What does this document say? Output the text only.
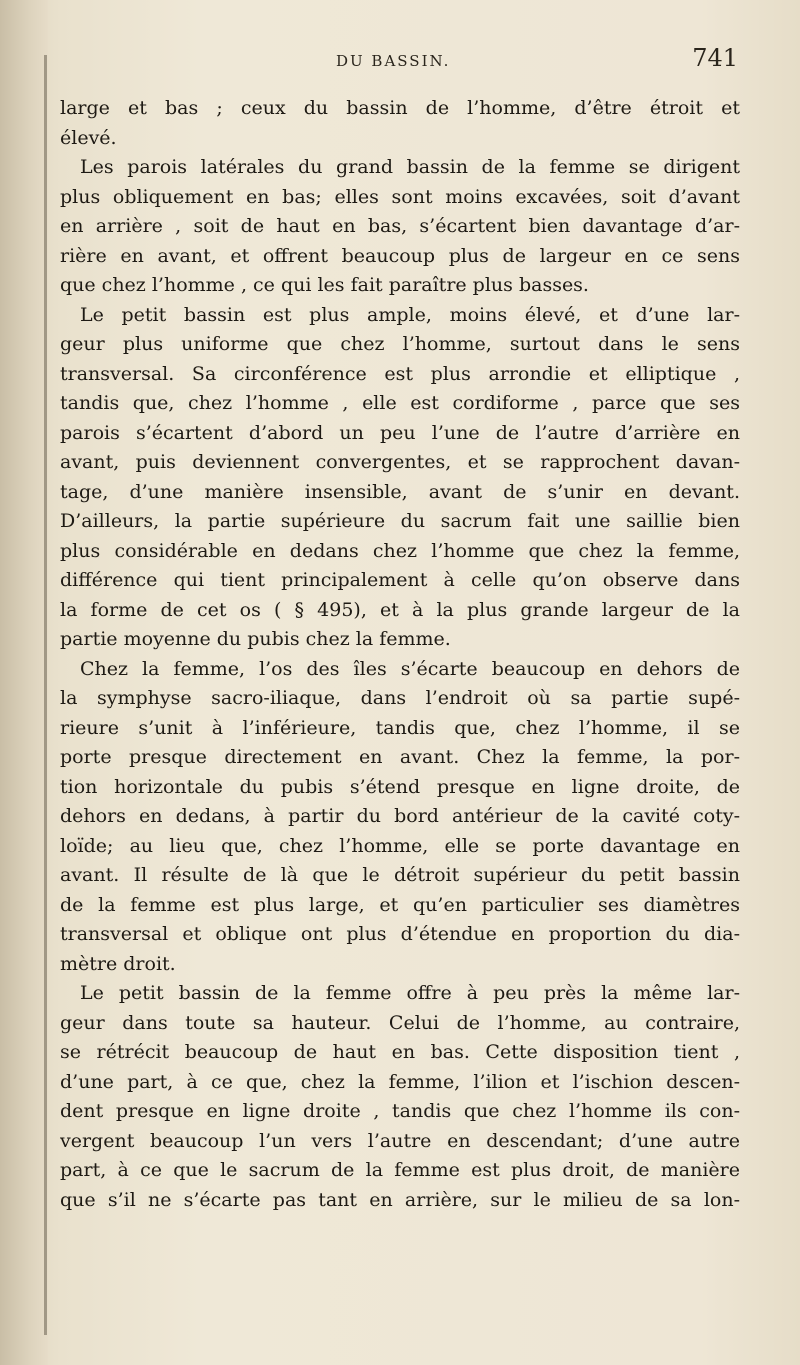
DU BASSIN.	741
large et bas ; ceux du bassin de l’homme, d’être étroit et
élevé.
Les parois latérales du grand bassin de la femme se dirigent
plus obliquement en bas; elles sont moins excavées, soit d’avant
en arrière , soit de haut en bas, s’écartent bien davantage d’ar-
rière en avant, et offrent beaucoup plus de largeur en ce sens
que chez l’homme , ce qui les fait paraître plus basses.
Le petit bassin est plus ample, moins élevé, et d’une lar-
geur plus uniforme que chez l’homme, surtout dans le sens
transversal. Sa circonférence est plus arrondie et elliptique ,
tandis que, chez l’homme , elle est cordiforme , parce que ses
parois s’écartent d’abord un peu l’une de l’autre d’arrière en
avant, puis deviennent convergentes, et se rapprochent davan-
tage, d’une manière insensible, avant de s’unir en devant.
D’ailleurs, la partie supérieure du sacrum fait une saillie bien
plus considérable en dedans chez l’homme que chez la femme,
différence qui tient principalement à celle qu’on observe dans
la forme de cet os ( § 495), et à la plus grande largeur de la
partie moyenne du pubis chez la femme.
Chez la femme, l’os des îles s’écarte beaucoup en dehors de
la symphyse sacro-iliaque, dans l’endroit où sa partie supé-
rieure s’unit à l’inférieure, tandis que, chez l’homme, il se
porte presque directement en avant. Chez la femme, la por-
tion horizontale du pubis s’étend presque en ligne droite, de
dehors en dedans, à partir du bord antérieur de la cavité coty-
loïde; au lieu que, chez l’homme, elle se porte davantage en
avant. Il résulte de là que le détroit supérieur du petit bassin
de la femme est plus large, et qu’en particulier ses diamètres
transversal et oblique ont plus d’étendue en proportion du dia-
mètre droit.
Le petit bassin de la femme offre à peu près la même lar-
geur dans toute sa hauteur. Celui de l’homme, au contraire,
se rétrécit beaucoup de haut en bas. Cette disposition tient ,
d’une part, à ce que, chez la femme, l’ilion et l’ischion descen-
dent presque en ligne droite , tandis que chez l’homme ils con-
vergent beaucoup l’un vers l’autre en descendant; d’une autre
part, à ce que le sacrum de la femme est plus droit, de manière
que s’il ne s’écarte pas tant en arrière, sur le milieu de sa lon-
